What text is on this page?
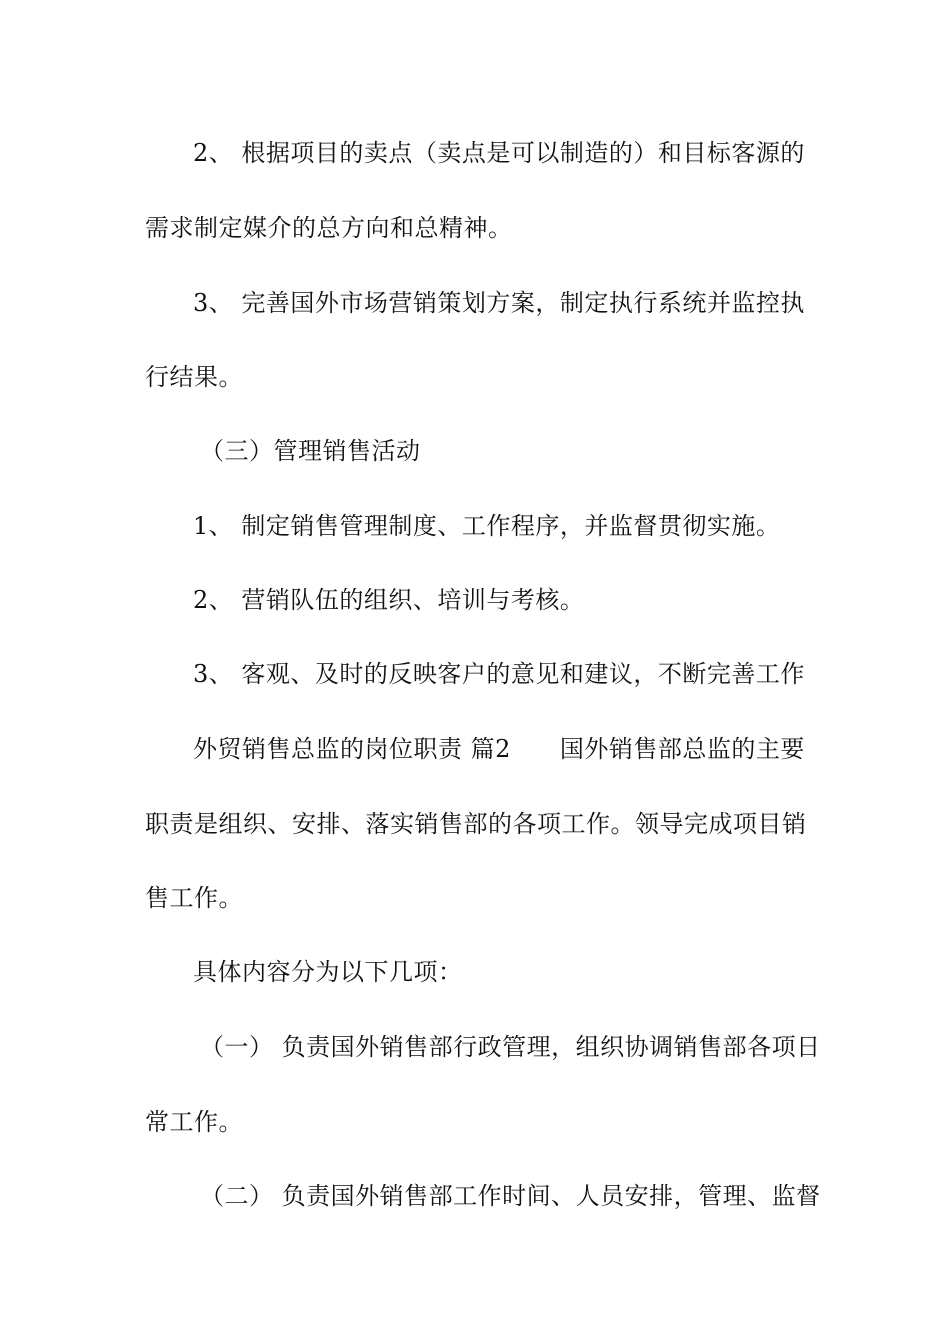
2、 根据项目的卖点（卖点是可以制造的）和目标客源的
需求制定媒介的总方向和总精神。
3、 完善国外市场营销策划方案，制定执行系统并监控执
行结果。
（三）管理销售活动
1、 制定销售管理制度、工作程序，并监督贯彻实施。
2、 营销队伍的组织、培训与考核。
3、 客观、及时的反映客户的意见和建议，不断完善工作
外贸销售总监的岗位职责 篇2　　国外销售部总监的主要
职责是组织、安排、落实销售部的各项工作。领导完成项目销
售工作。
具体内容分为以下几项：
（一） 负责国外销售部行政管理，组织协调销售部各项日
常工作。
（二） 负责国外销售部工作时间、人员安排，管理、监督
